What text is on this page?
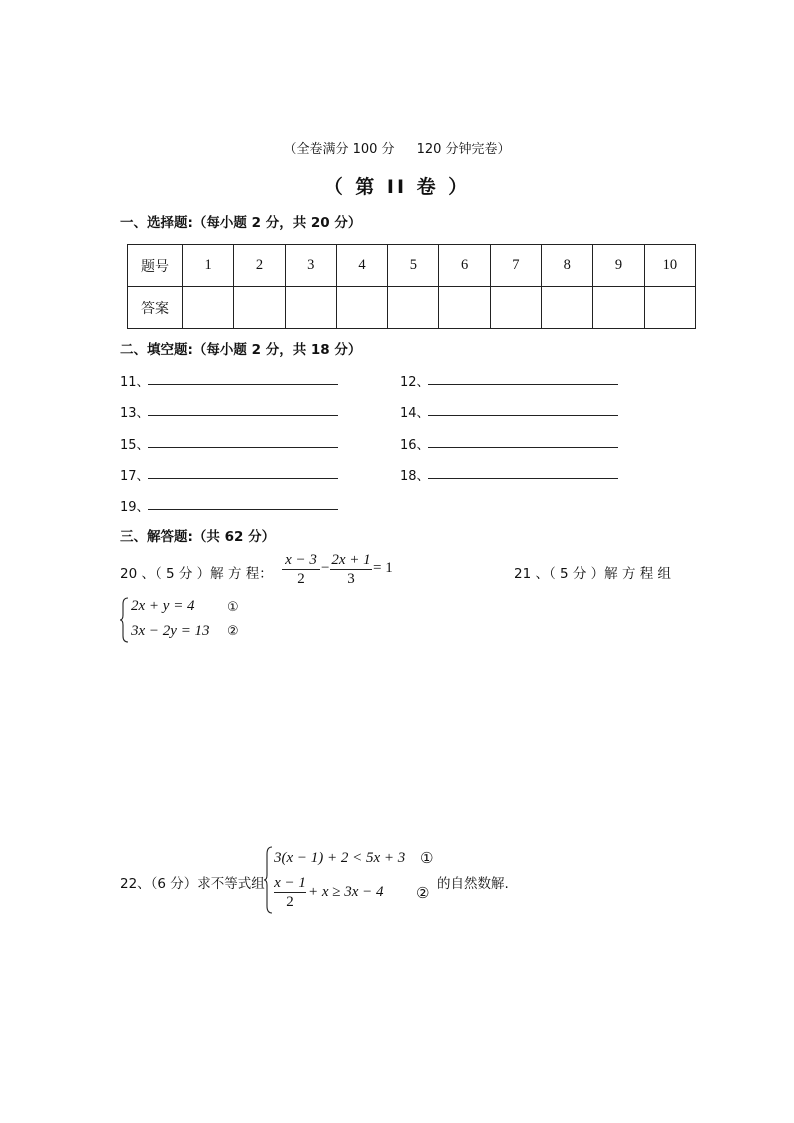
（全卷满分 100 分 120 分钟完卷）
（ 第 II 卷 ）
一、选择题:（每小题 2 分，共 20 分）
题号	1	2	3	4	5	6	7	8	9	10
答案										
二、填空题:（每小题 2 分，共 18 分）
11、	12、
13、	14、
15、	16、
17、	18、
19、
三、解答题:（共 62 分）
20 、（ 5 分 ）解 方 程：
x − 3
2
− 2x + 1
3
= 1	21 、（ 5 分 ）解 方 程 组
2x + y = 4 ①
3x − 2y = 13 ②
22、（6 分）求不等式组
3(x − 1) + 2 < 5x + 3 ①
x − 1
2
+ x ≥ 3x − 4 ② 的自然数解.
